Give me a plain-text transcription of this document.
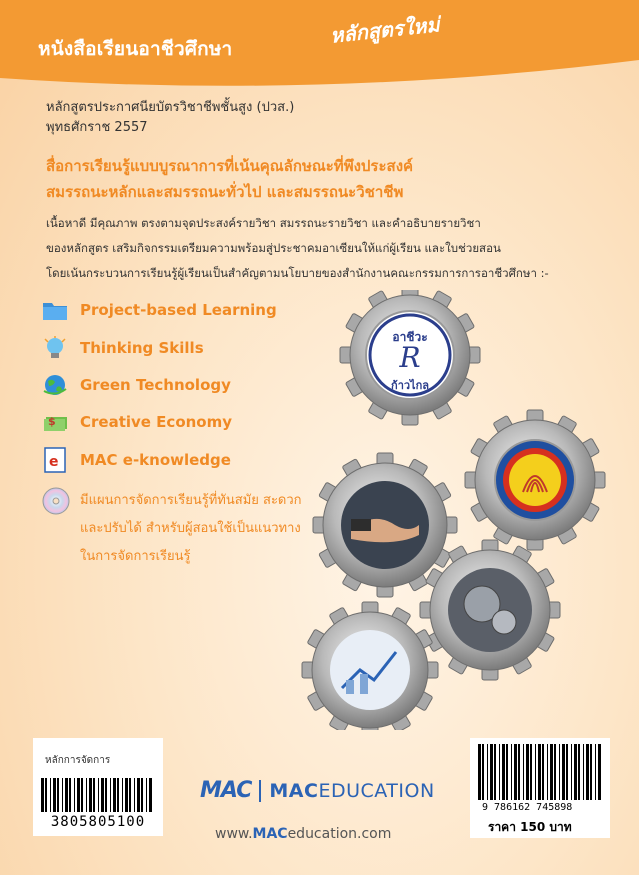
หนังสือเรียนอาชีวศึกษา
หลักสูตรใหม่
หลักสูตรประกาศนียบัตรวิชาชีพชั้นสูง (ปวส.)
พุทธศักราช 2557
สื่อการเรียนรู้แบบบูรณาการที่เน้นคุณลักษณะที่พึงประสงค์
สมรรถนะหลักและสมรรถนะทั่วไป และสมรรถนะวิชาชีพ
เนื้อหาดี มีคุณภาพ ตรงตามจุดประสงค์รายวิชา สมรรถนะรายวิชา และคำอธิบายรายวิชา
ของหลักสูตร เสริมกิจกรรมเตรียมความพร้อมสู่ประชาคมอาเซียนให้แก่ผู้เรียน และใบช่วยสอน
โดยเน้นกระบวนการเรียนรู้ผู้เรียนเป็นสำคัญตามนโยบายของสำนักงานคณะกรรมการการอาชีวศึกษา :-
Project-based Learning
Thinking Skills
Green Technology
$ Creative Economy
e MAC e-knowledge
มีแผนการจัดการเรียนรู้ที่ทันสมัย สะดวก
และปรับได้ สำหรับผู้สอนใช้เป็นแนวทาง
ในการจัดการเรียนรู้
อาชีวะ
R
ก้าวไกล
หลักการจัดการ
3805805100
9 786162 745898
ราคา 150 บาท
MAC MACEDUCATION
www.MACeducation.com
